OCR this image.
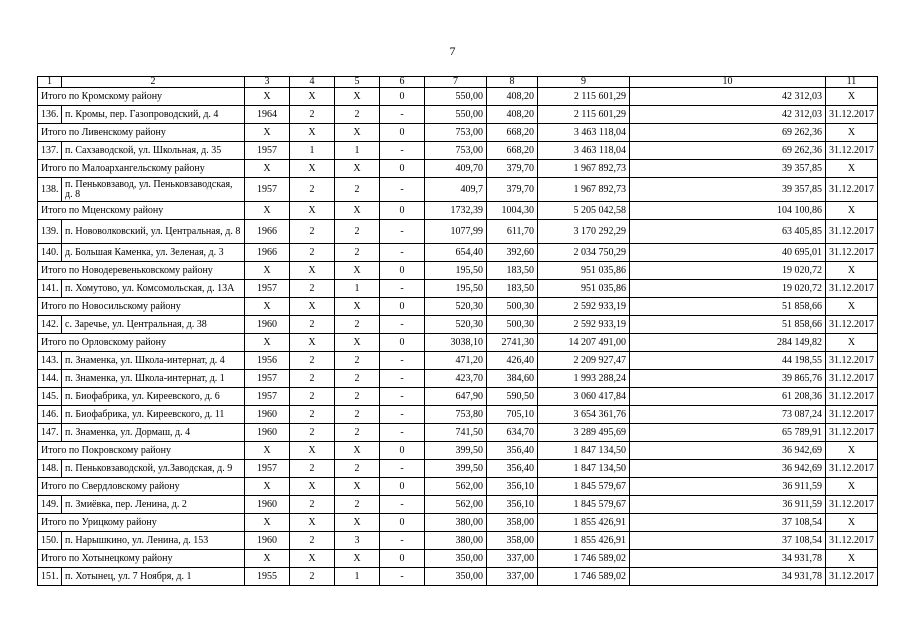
7
1	2	3	4	5	6	7	8	9	10	11
Итого по Кромскому району		Х	Х	Х	0	550,00	408,20	2 115 601,29	42 312,03	Х
136.	п. Кромы, пер. Газопроводский, д. 4	1964	2	2	-	550,00	408,20	2 115 601,29	42 312,03	31.12.2017
Итого по Ливенскому району		Х	Х	Х	0	753,00	668,20	3 463 118,04	69 262,36	Х
137.	п. Сахзаводской, ул. Школьная, д. 35	1957	1	1	-	753,00	668,20	3 463 118,04	69 262,36	31.12.2017
Итого по Малоархангельскому району		Х	Х	Х	0	409,70	379,70	1 967 892,73	39 357,85	Х
138.	п. Пеньковзавод, ул. Пеньковзаводская, д. 8	1957	2	2	-	409,7	379,70	1 967 892,73	39 357,85	31.12.2017
Итого по Мценскому району		Х	Х	Х	0	1732,39	1004,30	5 205 042,58	104 100,86	Х
139.	п. Нововолковский, ул. Центральная, д. 8	1966	2	2	-	1077,99	611,70	3 170 292,29	63 405,85	31.12.2017
140.	д. Большая Каменка, ул. Зеленая, д. 3	1966	2	2	-	654,40	392,60	2 034 750,29	40 695,01	31.12.2017
Итого по Новодеревеньковскому району		Х	Х	Х	0	195,50	183,50	951 035,86	19 020,72	Х
141.	п. Хомутово, ул. Комсомольская, д. 13А	1957	2	1	-	195,50	183,50	951 035,86	19 020,72	31.12.2017
Итого по Новосильскому району		Х	Х	Х	0	520,30	500,30	2 592 933,19	51 858,66	Х
142.	с. Заречье, ул. Центральная, д. 38	1960	2	2	-	520,30	500,30	2 592 933,19	51 858,66	31.12.2017
Итого по Орловскому району		Х	Х	Х	0	3038,10	2741,30	14 207 491,00	284 149,82	Х
143.	п. Знаменка, ул. Школа-интернат, д. 4	1956	2	2	-	471,20	426,40	2 209 927,47	44 198,55	31.12.2017
144.	п. Знаменка, ул. Школа-интернат, д. 1	1957	2	2	-	423,70	384,60	1 993 288,24	39 865,76	31.12.2017
145.	п. Биофабрика, ул. Киреевского, д. 6	1957	2	2	-	647,90	590,50	3 060 417,84	61 208,36	31.12.2017
146.	п. Биофабрика, ул. Киреевского, д. 11	1960	2	2	-	753,80	705,10	3 654 361,76	73 087,24	31.12.2017
147.	п. Знаменка, ул. Дормаш, д. 4	1960	2	2	-	741,50	634,70	3 289 495,69	65 789,91	31.12.2017
Итого по Покровскому району		Х	Х	Х	0	399,50	356,40	1 847 134,50	36 942,69	Х
148.	п. Пеньковзаводской, ул.Заводская, д. 9	1957	2	2	-	399,50	356,40	1 847 134,50	36 942,69	31.12.2017
Итого по Свердловскому району		Х	Х	Х	0	562,00	356,10	1 845 579,67	36 911,59	Х
149.	п. Змиёвка, пер. Ленина, д. 2	1960	2	2	-	562,00	356,10	1 845 579,67	36 911,59	31.12.2017
Итого по Урицкому району		Х	Х	Х	0	380,00	358,00	1 855 426,91	37 108,54	Х
150.	п. Нарышкино, ул. Ленина, д. 153	1960	2	3	-	380,00	358,00	1 855 426,91	37 108,54	31.12.2017
Итого по Хотынецкому району		Х	Х	Х	0	350,00	337,00	1 746 589,02	34 931,78	Х
151.	п. Хотынец, ул. 7 Ноября, д. 1	1955	2	1	-	350,00	337,00	1 746 589,02	34 931,78	31.12.2017
